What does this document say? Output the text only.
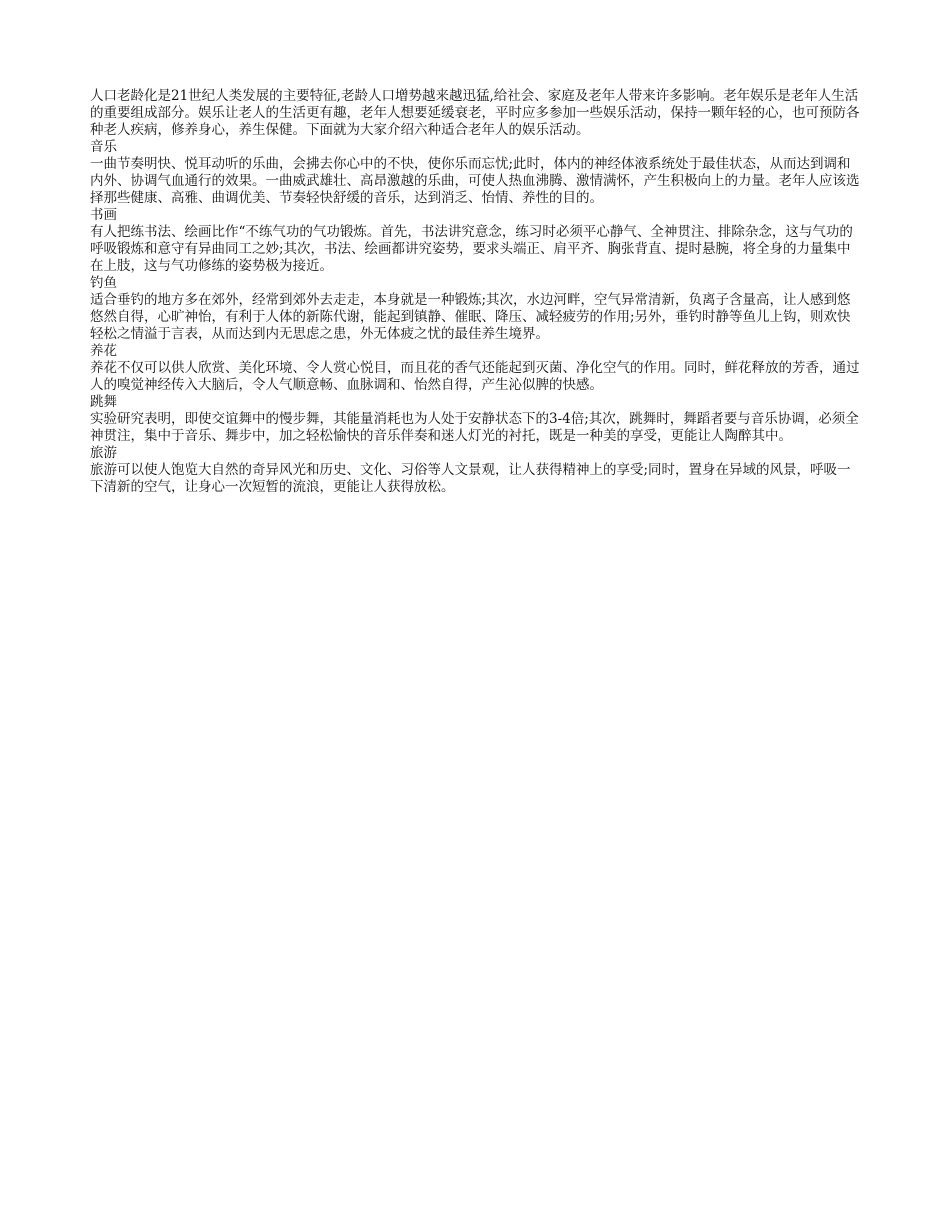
人口老龄化是21世纪人类发展的主要特征,老龄人口增势越来越迅猛,给社会、家庭及老年人带来许多影响。老年娱乐是老年人生活的重要组成部分。娱乐让老人的生活更有趣，老年人想要延缓衰老，平时应多参加一些娱乐活动，保持一颗年轻的心，也可预防各种老人疾病，修养身心，养生保健。下面就为大家介绍六种适合老年人的娱乐活动。

音乐

一曲节奏明快、悦耳动听的乐曲，会拂去你心中的不快，使你乐而忘忧;此时，体内的神经体液系统处于最佳状态，从而达到调和内外、协调气血通行的效果。一曲威武雄壮、高昂激越的乐曲，可使人热血沸腾、激情满怀，产生积极向上的力量。老年人应该选择那些健康、高雅、曲调优美、节奏轻快舒缓的音乐，达到消乏、怡情、养性的目的。

书画

有人把练书法、绘画比作“不练气功的气功锻炼。首先，书法讲究意念，练习时必须平心静气、全神贯注、排除杂念，这与气功的呼吸锻炼和意守有异曲同工之妙;其次，书法、绘画都讲究姿势，要求头端正、肩平齐、胸张背直、提时悬腕，将全身的力量集中在上肢，这与气功修练的姿势极为接近。

钓鱼

适合垂钓的地方多在郊外，经常到郊外去走走，本身就是一种锻炼;其次，水边河畔，空气异常清新，负离子含量高，让人感到悠悠然自得，心旷神怡，有利于人体的新陈代谢，能起到镇静、催眠、降压、减轻疲劳的作用;另外，垂钓时静等鱼儿上钩，则欢快轻松之情溢于言表，从而达到内无思虑之患，外无体疲之忧的最佳养生境界。

养花

养花不仅可以供人欣赏、美化环境、令人赏心悦目，而且花的香气还能起到灭菌、净化空气的作用。同时，鲜花释放的芳香，通过人的嗅觉神经传入大脑后，令人气顺意畅、血脉调和、怡然自得，产生沁似脾的快感。

跳舞

实验研究表明，即使交谊舞中的慢步舞，其能量消耗也为人处于安静状态下的3-4倍;其次，跳舞时，舞蹈者要与音乐协调，必须全神贯注，集中于音乐、舞步中，加之轻松愉快的音乐伴奏和迷人灯光的衬托，既是一种美的享受，更能让人陶醉其中。

旅游

旅游可以使人饱览大自然的奇异风光和历史、文化、习俗等人文景观，让人获得精神上的享受;同时，置身在异域的风景，呼吸一下清新的空气，让身心一次短暂的流浪，更能让人获得放松。
